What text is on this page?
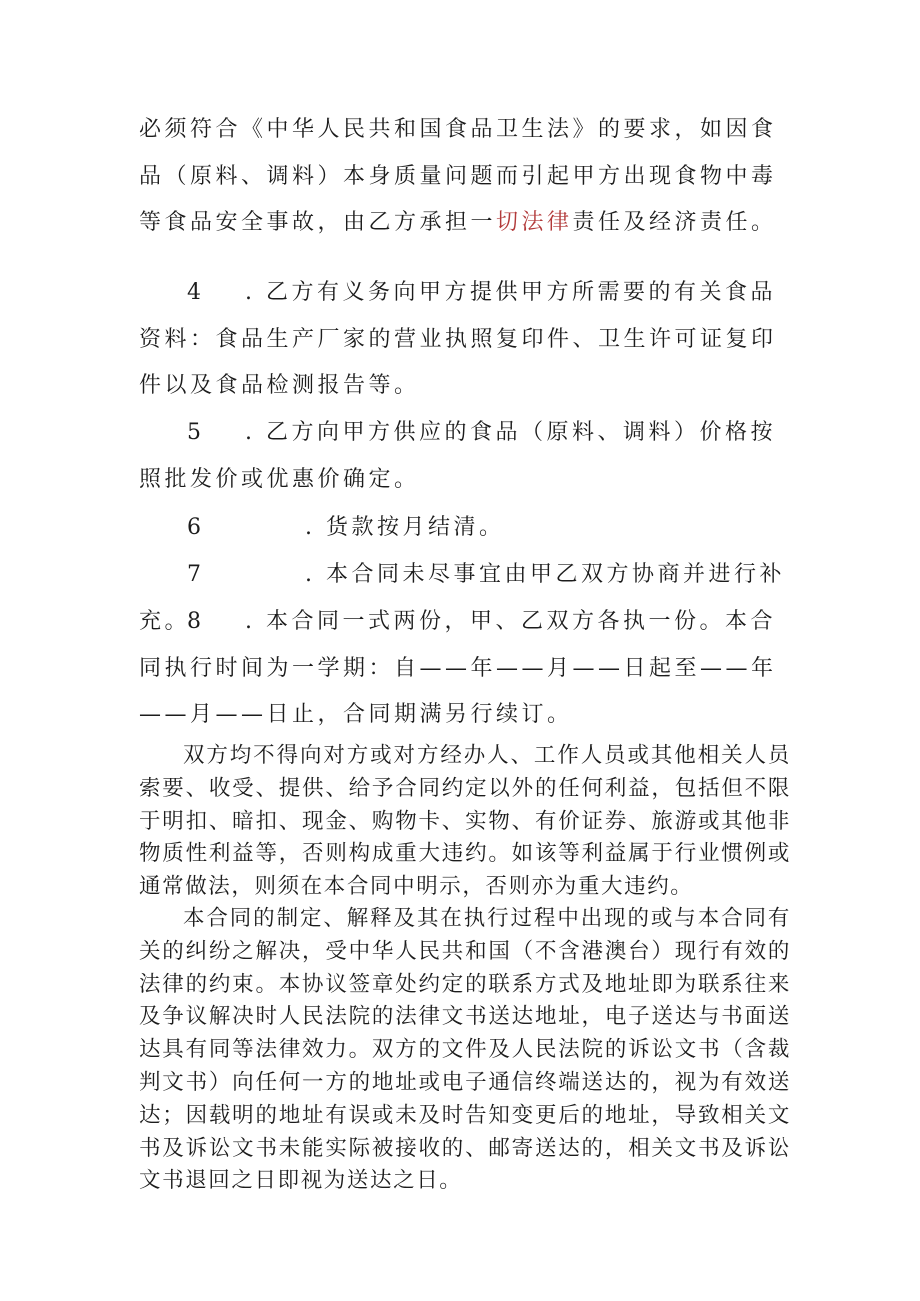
必须符合《中华人民共和国食品卫生法》的要求，如因食品（原料、调料）本身质量问题而引起甲方出现食物中毒等食品安全事故，由乙方承担一切法律责任及经济责任。

4 . 乙方有义务向甲方提供甲方所需要的有关食品资料：食品生产厂家的营业执照复印件、卫生许可证复印件以及食品检测报告等。

5 . 乙方向甲方供应的食品（原料、调料）价格按照批发价或优惠价确定。

6	. 货款按月结清。

7	. 本合同未尽事宜由甲乙双方协商并进行补充。

8 . 本合同一式两份，甲、乙双方各执一份。本合同执行时间为一学期：自——年——月——日起至——年——月——日止，合同期满另行续订。

双方均不得向对方或对方经办人、工作人员或其他相关人员索要、收受、提供、给予合同约定以外的任何利益，包括但不限于明扣、暗扣、现金、购物卡、实物、有价证券、旅游或其他非物质性利益等，否则构成重大违约。如该等利益属于行业惯例或通常做法，则须在本合同中明示，否则亦为重大违约。

本合同的制定、解释及其在执行过程中出现的或与本合同有关的纠纷之解决，受中华人民共和国（不含港澳台）现行有效的法律的约束。本协议签章处约定的联系方式及地址即为联系往来及争议解决时人民法院的法律文书送达地址，电子送达与书面送达具有同等法律效力。双方的文件及人民法院的诉讼文书（含裁判文书）向任何一方的地址或电子通信终端送达的，视为有效送达；因载明的地址有误或未及时告知变更后的地址，导致相关文书及诉讼文书未能实际被接收的、邮寄送达的，相关文书及诉讼文书退回之日即视为送达之日。
